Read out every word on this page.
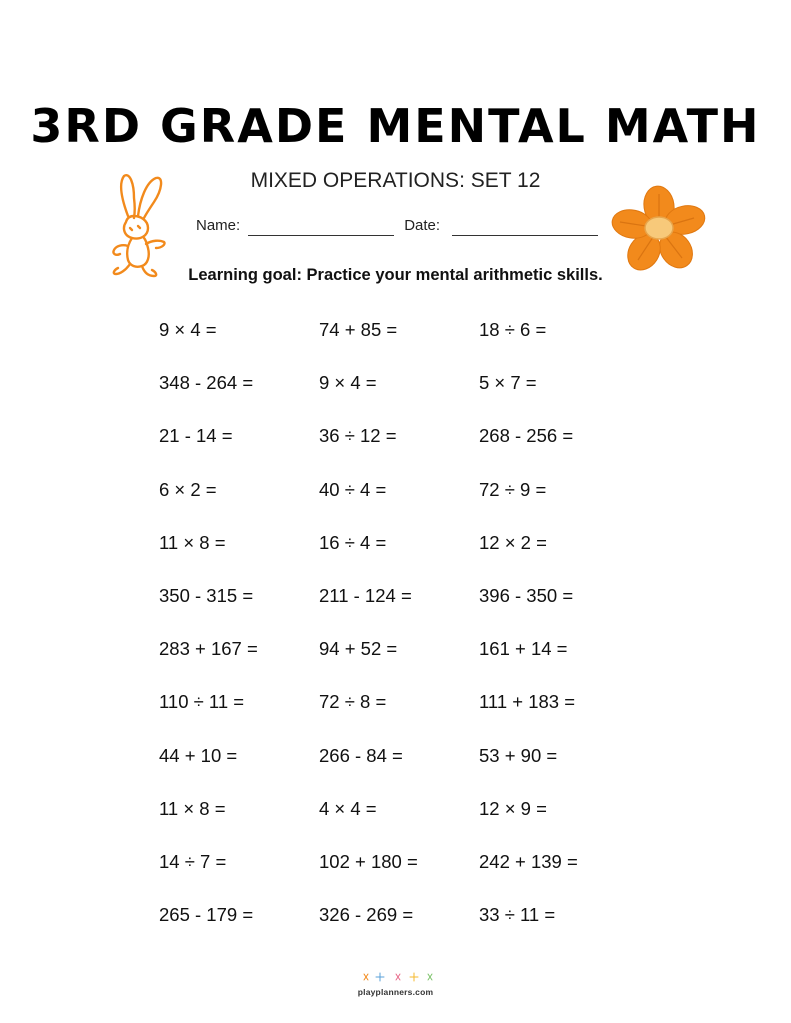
3RD GRADE MENTAL MATH
MIXED OPERATIONS: SET 12
Name:	Date:
Learning goal: Practice your mental arithmetic skills.
9 × 4 =	74 + 85 =	18 ÷ 6 =
348 - 264 =	9 × 4 =	5 × 7 =
21 - 14 =	36 ÷ 12 =	268 - 256 =
6 × 2 =	40 ÷ 4 =	72 ÷ 9 =
11 × 8 =	16 ÷ 4 =	12 × 2 =
350 - 315 =	211 - 124 =	396 - 350 =
283 + 167 =	94 + 52 =	161 + 14 =
110 ÷ 11 =	72 ÷ 8 =	111 + 183 =
44 + 10 =	266 - 84 =	53 + 90 =
11 × 8 =	4 × 4 =	12 × 9 =
14 ÷ 7 =	102 + 180 =	242 + 139 =
265 - 179 =	326 - 269 =	33 ÷ 11 =
playplanners.com
